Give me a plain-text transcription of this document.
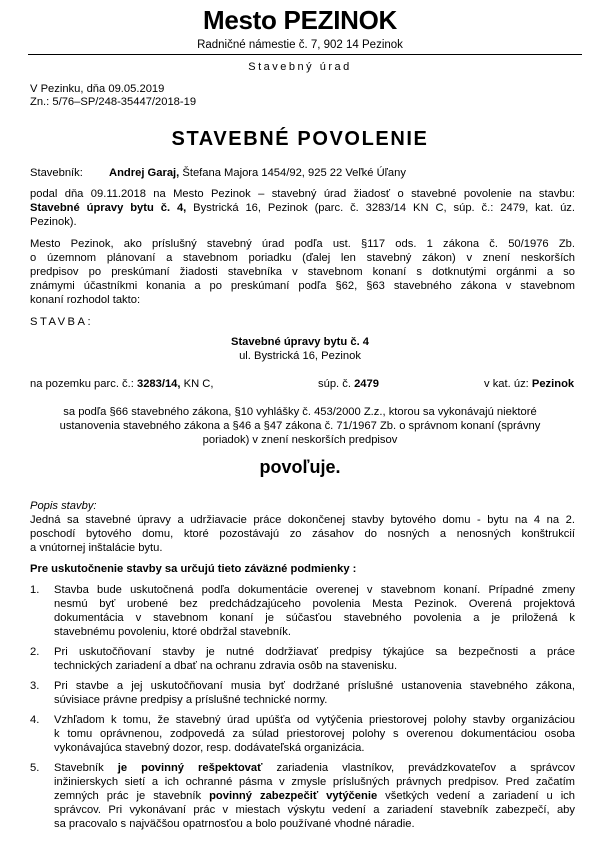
Mesto PEZINOK
Radničné námestie č. 7, 902 14 Pezinok
Stavebný úrad
V Pezinku, dňa 09.05.2019
Zn.: 5/76–SP/248-35447/2018-19
STAVEBNÉ POVOLENIE
Stavebník: Andrej Garaj, Štefana Majora 1454/92, 925 22 Veľké Úľany
podal dňa 09.11.2018 na Mesto Pezinok – stavebný úrad žiadosť o stavebné povolenie na stavbu:
Stavebné úpravy bytu č. 4, Bystrická 16, Pezinok (parc. č. 3283/14 KN C, súp. č.: 2479, kat. úz.
Pezinok).
Mesto Pezinok, ako príslušný stavebný úrad podľa ust. §117 ods. 1 zákona č. 50/1976 Zb.
o územnom plánovaní a stavebnom poriadku (ďalej len stavebný zákon) v znení neskorších
predpisov po preskúmaní žiadosti stavebníka v stavebnom konaní s dotknutými orgánmi a so
známymi účastníkmi konania a po preskúmaní podľa §62, §63 stavebného zákona v stavebnom
konaní rozhodol takto:
STAVBA:
Stavebné úpravy bytu č. 4
ul. Bystrická 16, Pezinok
na pozemku parc. č.: 3283/14, KN C,	súp. č. 2479	v kat. úz: Pezinok
sa podľa §66 stavebného zákona, §10 vyhlášky č. 453/2000 Z.z., ktorou sa vykonávajú niektoré
ustanovenia stavebného zákona a §46 a §47 zákona č. 71/1967 Zb. o správnom konaní (správny
poriadok) v znení neskorších predpisov
povoľuje.
Popis stavby:
Jedná sa stavebné úpravy a udržiavacie práce dokončenej stavby bytového domu - bytu na 4 na 2.
poschodí bytového domu, ktoré pozostávajú zo zásahov do nosných a nenosných konštrukcií
a vnútornej inštalácie bytu.
Pre uskutočnenie stavby sa určujú tieto záväzné podmienky :
1.	Stavba bude uskutočnená podľa dokumentácie overenej v stavebnom konaní. Prípadné zmeny
nesmú byť urobené bez predchádzajúceho povolenia Mesta Pezinok. Overená projektová
dokumentácia v stavebnom konaní je súčasťou stavebného povolenia a je priložená k
stavebnému povoleniu, ktoré obdržal stavebník.
2.	Pri uskutočňovaní stavby je nutné dodržiavať predpisy týkajúce sa bezpečnosti a práce
technických zariadení a dbať na ochranu zdravia osôb na stavenisku.
3.	Pri stavbe a jej uskutočňovaní musia byť dodržané príslušné ustanovenia stavebného zákona,
súvisiace právne predpisy a príslušné technické normy.
4.	Vzhľadom k tomu, že stavebný úrad upúšťa od vytýčenia priestorovej polohy stavby organizáciou
k tomu oprávnenou, zodpovedá za súlad priestorovej polohy s overenou dokumentáciou osoba
vykonávajúca stavebný dozor, resp. dodávateľská organizácia.
5.	Stavebník je povinný rešpektovať zariadenia vlastníkov, prevádzkovateľov a správcov
inžinierskych sietí a ich ochranné pásma v zmysle príslušných právnych predpisov. Pred začatím
zemných prác je stavebník povinný zabezpečiť vytýčenie všetkých vedení a zariadení u ich
správcov. Pri vykonávaní prác v miestach výskytu vedení a zariadení stavebník zabezpečí, aby
sa pracovalo s najväčšou opatrnosťou a bolo používané vhodné náradie.
